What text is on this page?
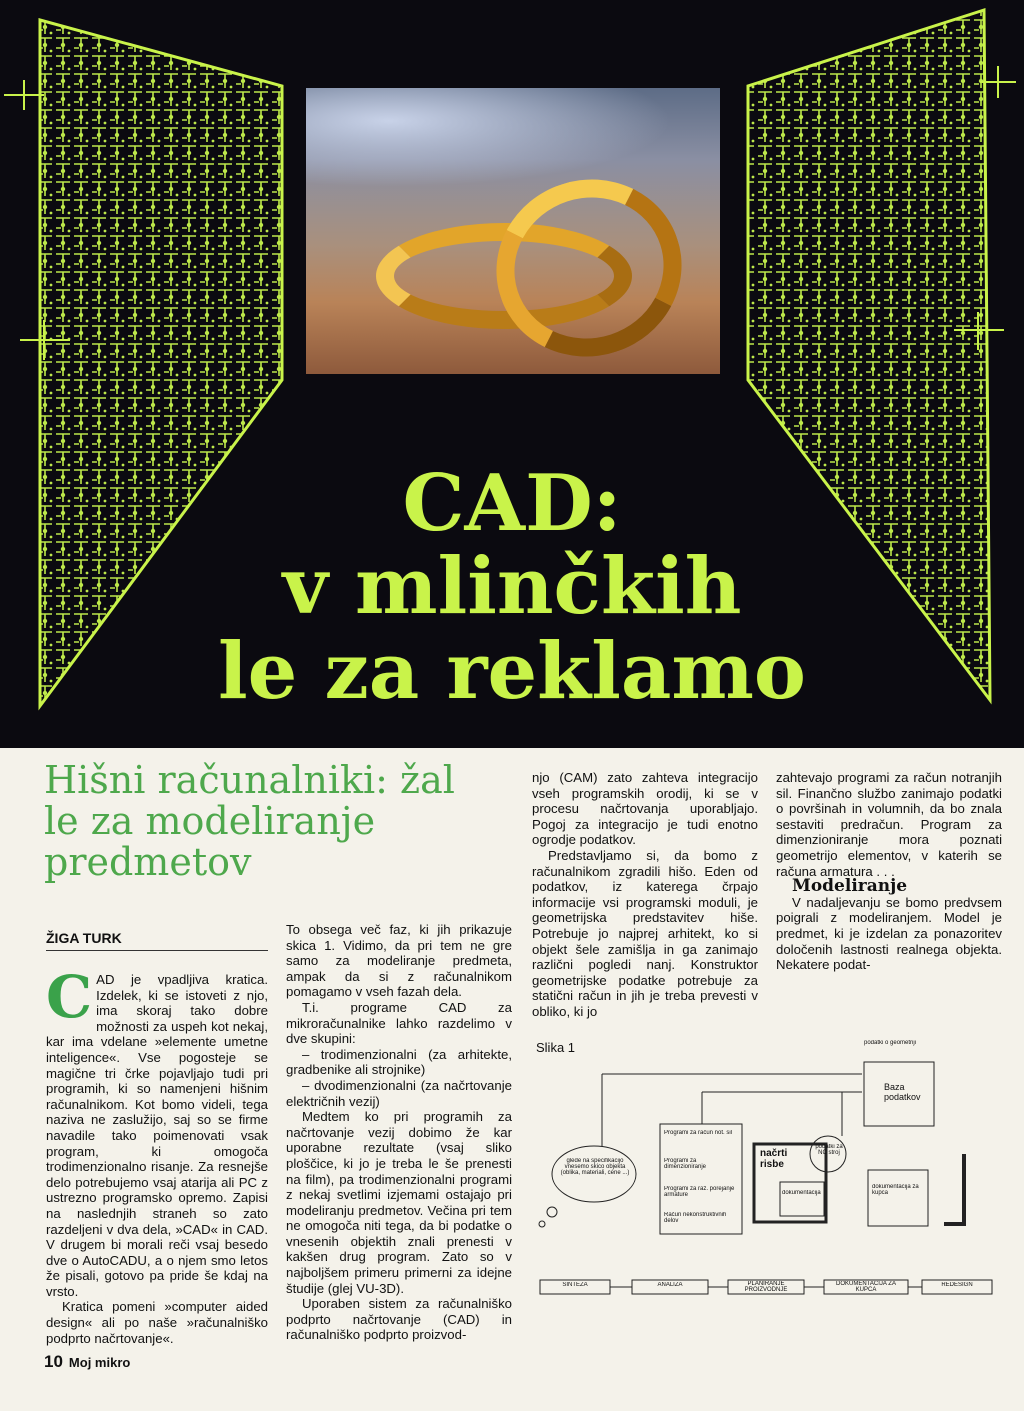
CAD:
v mlinčkih
le za reklamo
Hišni računalniki: žal le za modeliranje predmetov
ŽIGA TURK

CAD je vpadljiva kratica. Izdelek, ki se istoveti z njo, ima skoraj tako dobre možnosti za uspeh kot nekaj, kar ima vdelane »elemente umetne inteligence«. Vse pogosteje se magične tri črke pojavljajo tudi pri programih, ki so namenjeni hišnim računalnikom. Kot bomo videli, tega naziva ne zaslužijo, saj so se firme navadile tako poimenovati vsak program, ki omogoča trodimenzionalno risanje. Za resnejše delo potrebujemo vsaj atarija ali PC z ustrezno programsko opremo. Zapisi na naslednjih straneh so zato razdeljeni v dva dela, »CAD« in CAD. V drugem bi morali reči vsaj besedo dve o AutoCADU, a o njem smo letos že pisali, gotovo pa pride še kdaj na vrsto.

Kratica pomeni »computer aided design« ali po naše »računalniško podprto načrtovanje«.

To obsega več faz, ki jih prikazuje skica 1. Vidimo, da pri tem ne gre samo za modeliranje predmeta, ampak da si z računalnikom pomagamo v vseh fazah dela.

T.i. programe CAD za mikroračunalnike lahko razdelimo v dve skupini:

– trodimenzionalni (za arhitekte, gradbenike ali strojnike)

– dvodimenzionalni (za načrtovanje električnih vezij)

Medtem ko pri programih za načrtovanje vezij dobimo že kar uporabne rezultate (vsaj sliko ploščice, ki jo je treba le še prenesti na film), pa trodimenzionalni programi z nekaj svetlimi izjemami ostajajo pri modeliranju predmetov. Večina pri tem ne omogoča niti tega, da bi podatke o vnesenih objektih znali prenesti v kakšen drug program. Zato so v najboljšem primeru primerni za idejne študije (glej VU-3D).

Uporaben sistem za računalniško podprto načrtovanje (CAD) in računalniško podprto proizvod-

njo (CAM) zato zahteva integracijo vseh programskih orodij, ki se v procesu načrtovanja uporabljajo. Pogoj za integracijo je tudi enotno ogrodje podatkov.

Predstavljamo si, da bomo z računalnikom zgradili hišo. Eden od podatkov, iz katerega črpajo informacije vsi programski moduli, je geometrijska predstavitev hiše. Potrebuje jo najprej arhitekt, ko si objekt šele zamišlja in ga zanimajo različni pogledi nanj. Konstruktor geometrijske podatke potrebuje za statični račun in jih je treba prevesti v obliko, ki jo

zahtevajo programi za račun notranjih sil. Finančno službo zanimajo podatki o površinah in volumnih, da bo znala sestaviti predračun. Program za dimenzioniranje mora poznati geometrijo elementov, v katerih se računa armatura . . .

Modeliranje

V nadaljevanju se bomo predvsem poigrali z modeliranjem. Model je predmet, ki je izdelan za ponazoritev določenih lastnosti realnega objekta. Nekatere podat-

Slika 1
glede na specifikacijo vnesemo skico objekta (oblika, materiali, cene ...)
Programi za račun not. sil
Programi za dimenzioniranje
Programi za raz. porejanje armature
Račun nekonstruktivnih delov
načrti risbe
dokumentacija
podatki za NC stroj
Baza podatkov
podatki o geometriji
dokumentacija za kupca
SINTEZA	ANALIZA	PLANIRANJE PROIZVODNJE
DOKUMENTACIJA ZA KUPCA
REDESIGN
10 Moj mikro
